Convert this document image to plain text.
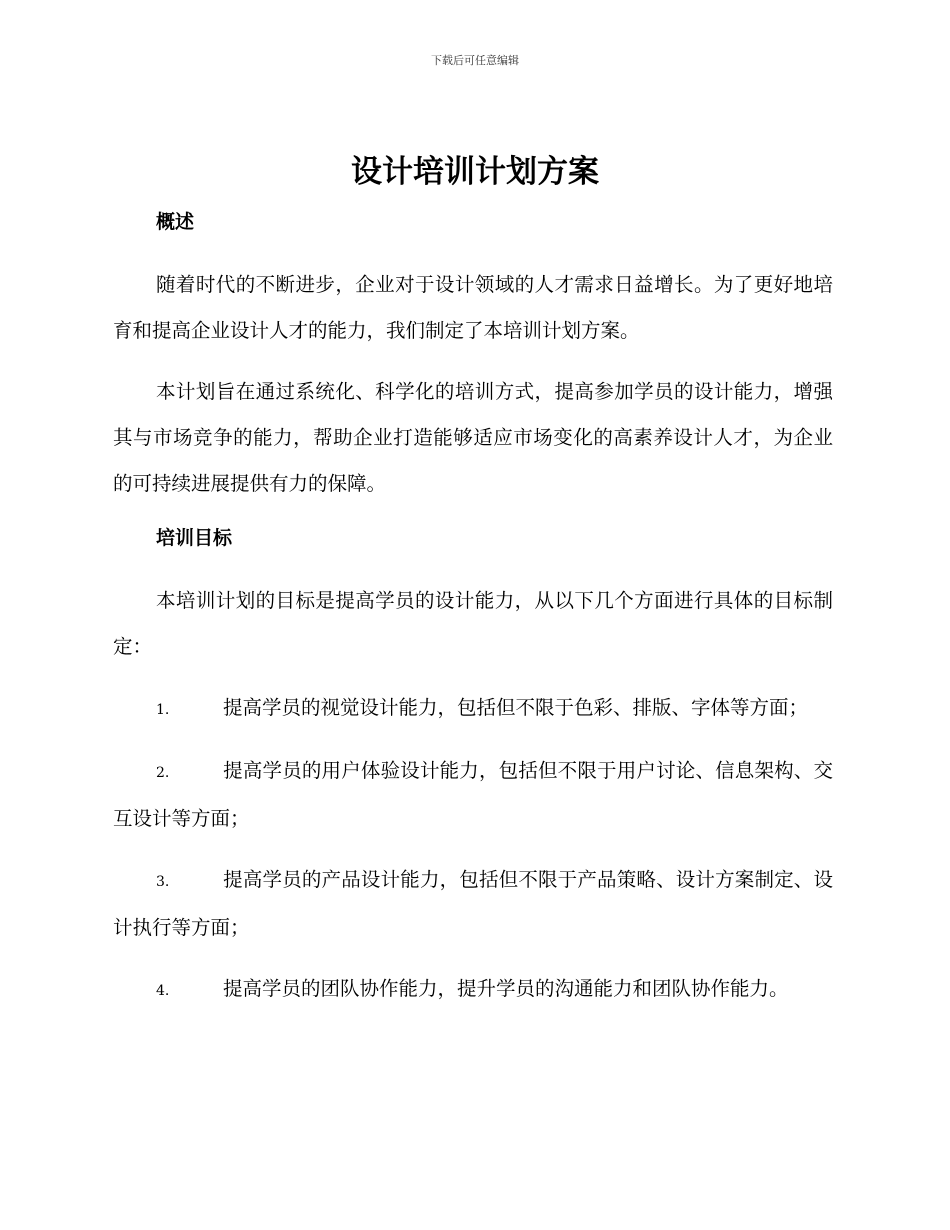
下载后可任意编辑
设计培训计划方案
概述

随着时代的不断进步，企业对于设计领域的人才需求日益增长。为了更好地培育和提高企业设计人才的能力，我们制定了本培训计划方案。

本计划旨在通过系统化、科学化的培训方式，提高参加学员的设计能力，增强其与市场竞争的能力，帮助企业打造能够适应市场变化的高素养设计人才，为企业的可持续进展提供有力的保障。

培训目标

本培训计划的目标是提高学员的设计能力，从以下几个方面进行具体的目标制定：

1.	提高学员的视觉设计能力，包括但不限于色彩、排版、字体等方面；
2.	提高学员的用户体验设计能力，包括但不限于用户讨论、信息架构、交互设计等方面；
3.	提高学员的产品设计能力，包括但不限于产品策略、设计方案制定、设计执行等方面；
4.	提高学员的团队协作能力，提升学员的沟通能力和团队协作能力。
